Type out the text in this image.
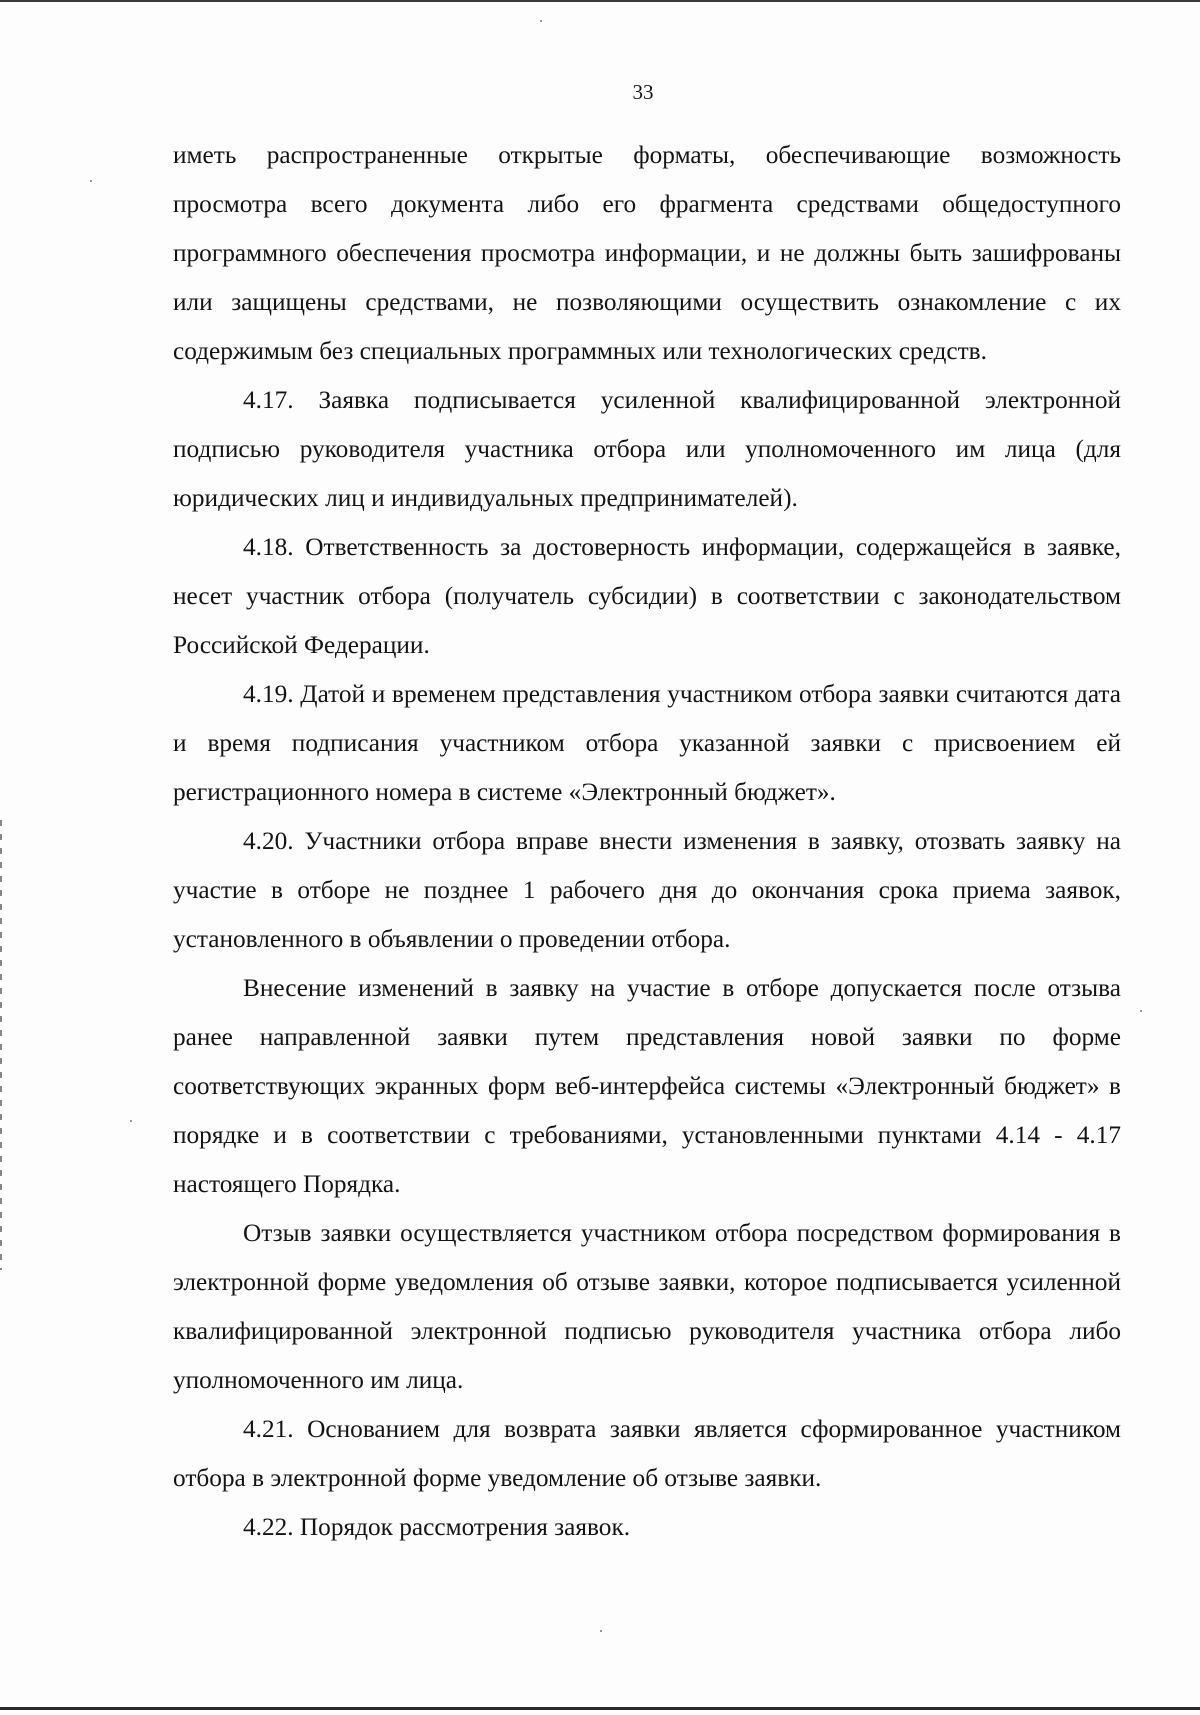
33

иметь распространенные открытые форматы, обеспечивающие возможность просмотра всего документа либо его фрагмента средствами общедоступного программного обеспечения просмотра информации, и не должны быть зашифрованы или защищены средствами, не позволяющими осуществить ознакомление с их содержимым без специальных программных или технологических средств.

4.17. Заявка подписывается усиленной квалифицированной электронной подписью руководителя участника отбора или уполномоченного им лица (для юридических лиц и индивидуальных предпринимателей).

4.18. Ответственность за достоверность информации, содержащейся в заявке, несет участник отбора (получатель субсидии) в соответствии с законодательством Российской Федерации.

4.19. Датой и временем представления участником отбора заявки считаются дата и время подписания участником отбора указанной заявки с присвоением ей регистрационного номера в системе «Электронный бюджет».

4.20. Участники отбора вправе внести изменения в заявку, отозвать заявку на участие в отборе не позднее 1 рабочего дня до окончания срока приема заявок, установленного в объявлении о проведении отбора.

Внесение изменений в заявку на участие в отборе допускается после отзыва ранее направленной заявки путем представления новой заявки по форме соответствующих экранных форм веб-интерфейса системы «Электронный бюджет» в порядке и в соответствии с требованиями, установленными пунктами 4.14 - 4.17 настоящего Порядка.

Отзыв заявки осуществляется участником отбора посредством формирования в электронной форме уведомления об отзыве заявки, которое подписывается усиленной квалифицированной электронной подписью руководителя участника отбора либо уполномоченного им лица.

4.21. Основанием для возврата заявки является сформированное участником отбора в электронной форме уведомление об отзыве заявки.

4.22. Порядок рассмотрения заявок.
